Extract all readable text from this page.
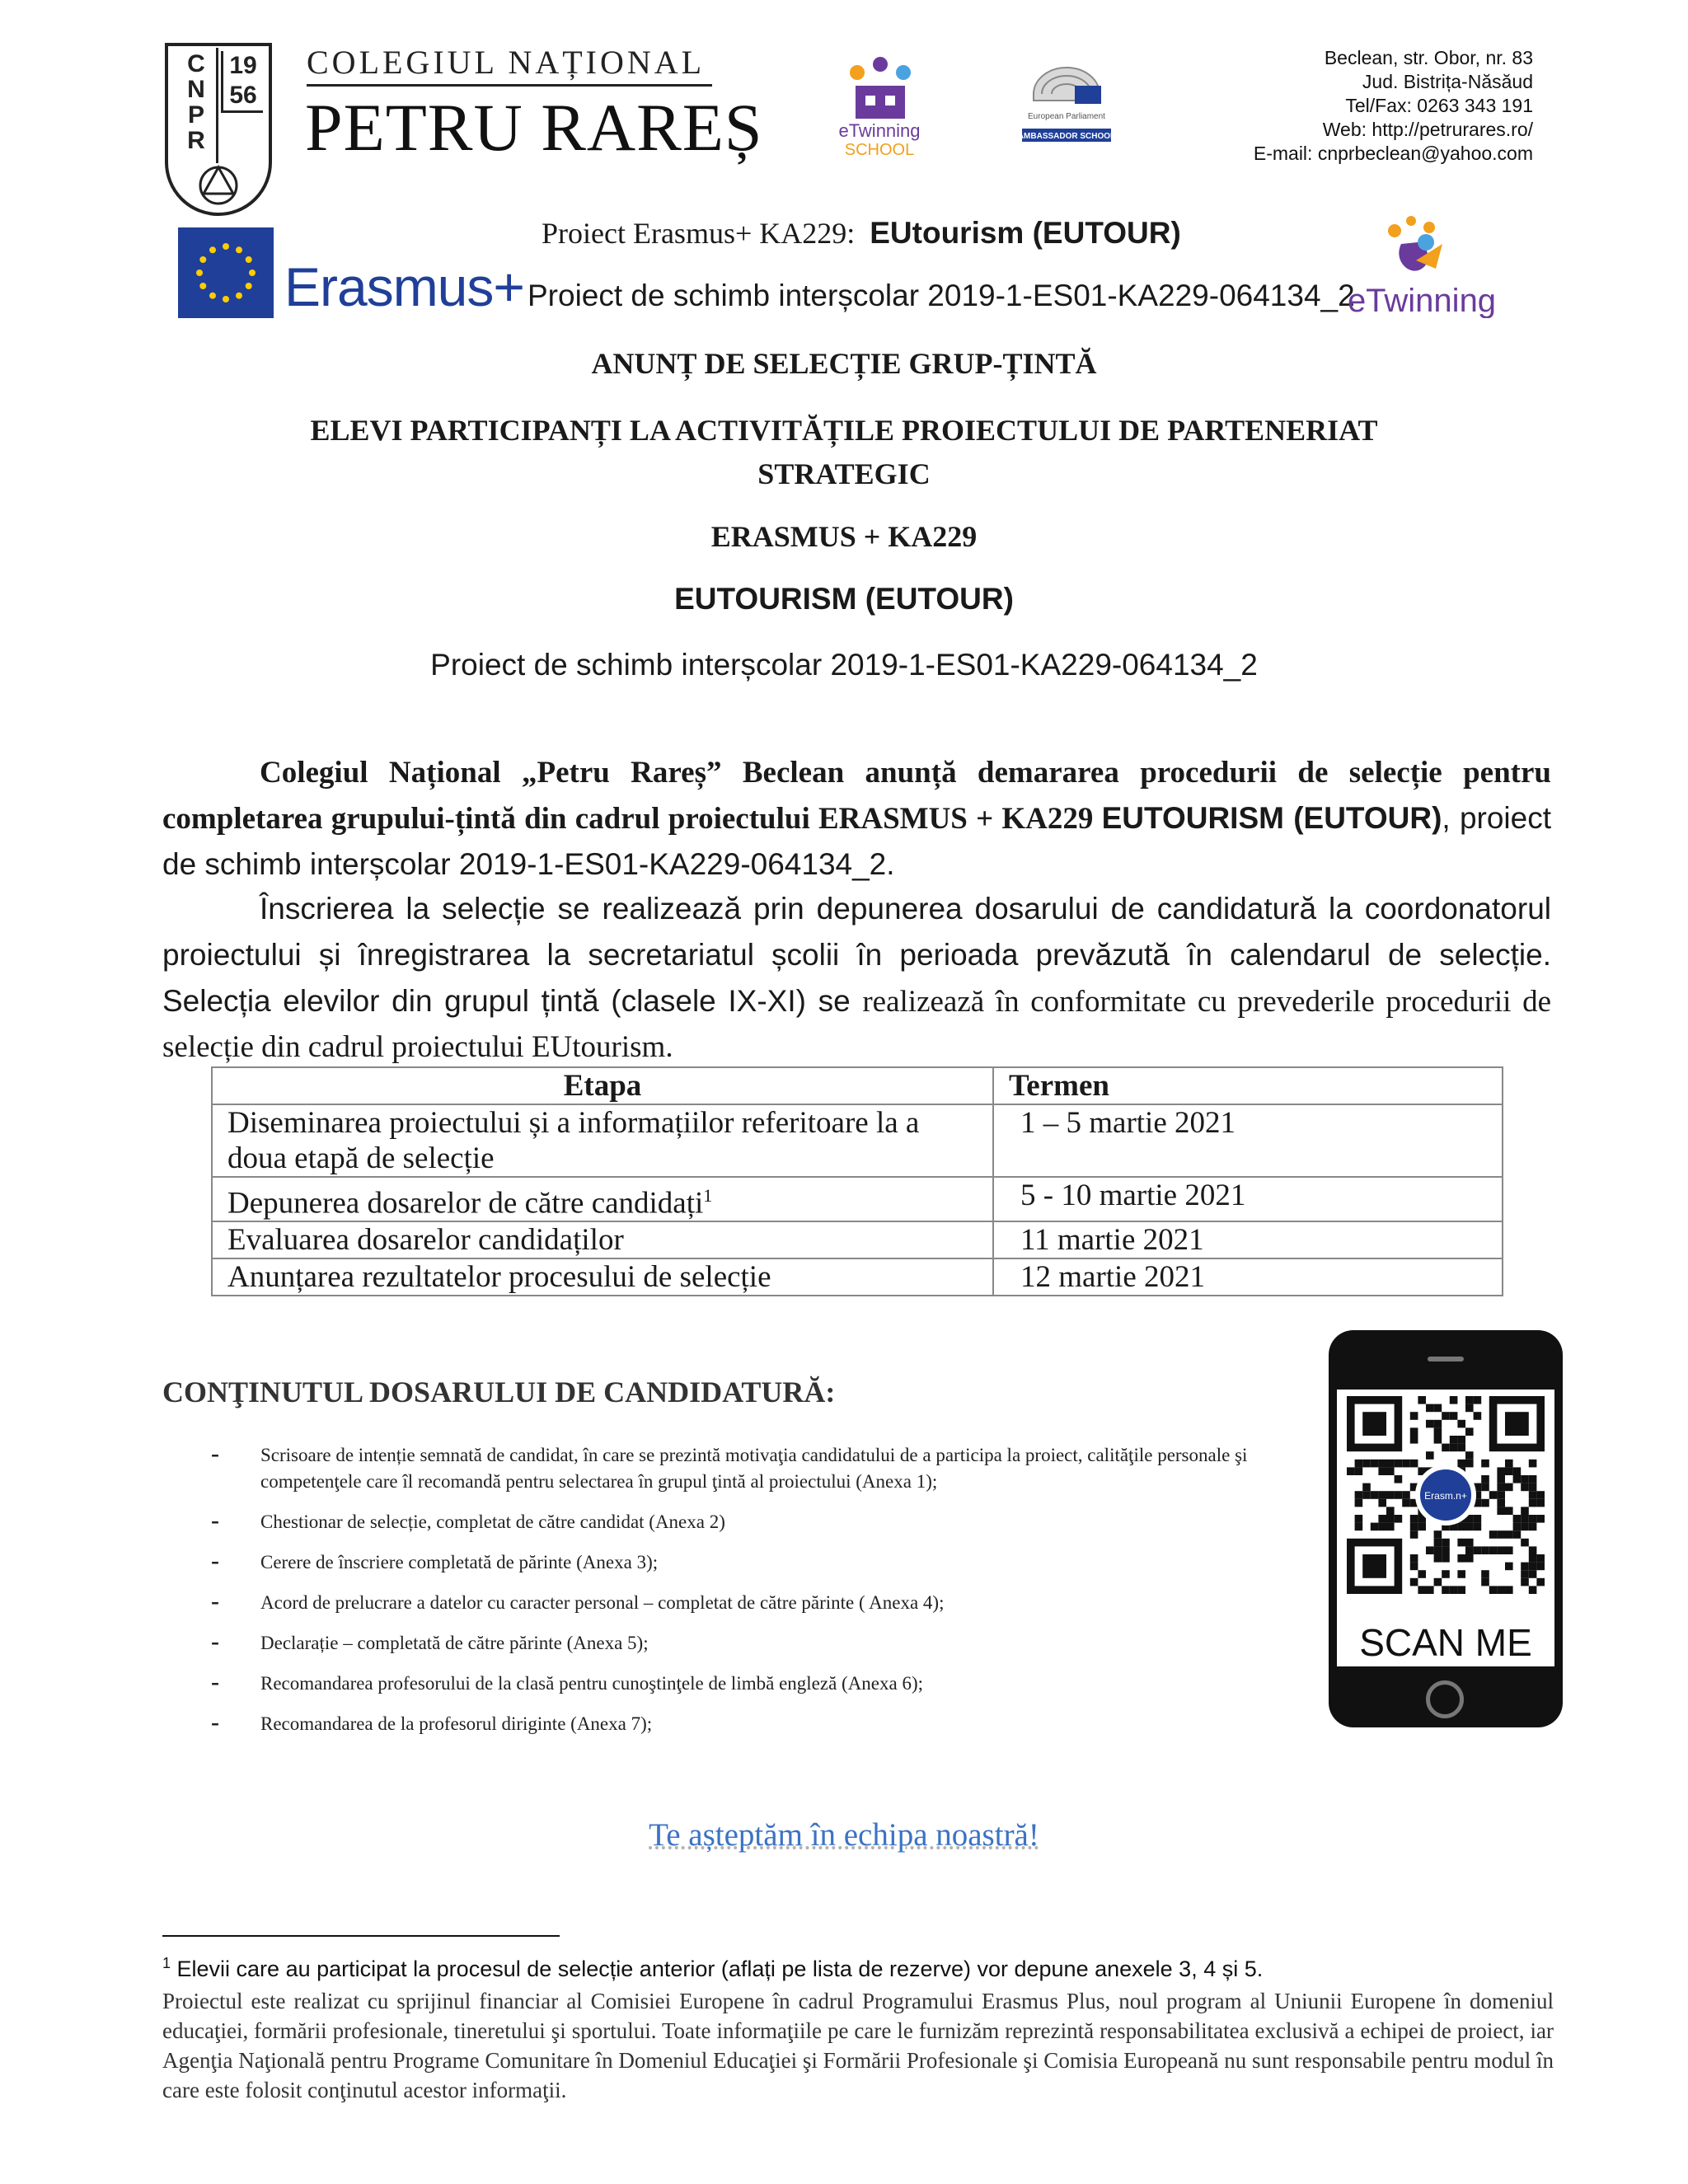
C
N
P
R
19
56
COLEGIUL NAȚIONAL
PETRU RAREȘ	eTwinning
SCHOOL
European Parliament
AMBASSADOR SCHOOL
Beclean, str. Obor, nr. 83
Jud. Bistrița-Năsăud
Tel/Fax: 0263 343 191
Web: http://petrurares.ro/
E-mail: cnprbeclean@yahoo.com
Erasmus+
Proiect Erasmus+ KA229: EUtourism (EUTOUR)
Proiect de schimb interșcolar 2019-1-ES01-KA229-064134_2
eTwinning
ANUNȚ DE SELECȚIE GRUP-ȚINTĂ
ELEVI PARTICIPANȚI LA ACTIVITĂȚILE PROIECTULUI DE PARTENERIAT
STRATEGIC
ERASMUS + KA229
EUTOURISM (EUTOUR)
Proiect de schimb interșcolar 2019-1-ES01-KA229-064134_2
Colegiul Național „Petru Rareș” Beclean anunță demararea procedurii de selecție pentru completarea grupului-țintă din cadrul proiectului ERASMUS + KA229 EUTOURISM (EUTOUR), proiect de schimb interșcolar 2019-1-ES01-KA229-064134_2.
Înscrierea la selecție se realizează prin depunerea dosarului de candidatură la coordonatorul proiectului și înregistrarea la secretariatul școlii în perioada prevăzută în calendarul de selecție. Selecția elevilor din grupul țintă (clasele IX-XI) se realizează în conformitate cu prevederile procedurii de selecție din cadrul proiectului EUtourism.
Etapa	Termen
Diseminarea proiectului și a informațiilor referitoare la a doua etapă de selecție	1 – 5 martie 2021
Depunerea dosarelor de către candidați$^1$	5 - 10 martie 2021
Evaluarea dosarelor candidaților	11 martie 2021
Anunțarea rezultatelor procesului de selecție	12 martie 2021
CONŢINUTUL DOSARULUI DE CANDIDATURĂ:
- Scrisoare de intenție semnată de candidat, în care se prezintă motivaţia candidatului de a participa la proiect, calităţile personale şi competenţele care îl recomandă pentru selectarea în grupul ţintă al proiectului (Anexa 1);
- Chestionar de selecție, completat de către candidat (Anexa 2)
- Cerere de înscriere completată de părinte (Anexa 3);
- Acord de prelucrare a datelor cu caracter personal – completat de către părinte ( Anexa 4);
- Declarație – completată de către părinte (Anexa 5);
- Recomandarea profesorului de la clasă pentru cunoştinţele de limbă engleză (Anexa 6);
- Recomandarea de la profesorul diriginte (Anexa 7);
Erasm.n+
SCAN ME
Te așteptăm în echipa noastră!
$^1$ Elevii care au participat la procesul de selecție anterior (aflați pe lista de rezerve) vor depune anexele 3, 4 și 5.
Proiectul este realizat cu sprijinul financiar al Comisiei Europene în cadrul Programului Erasmus Plus, noul program al Uniunii Europene în domeniul educaţiei, formării profesionale, tineretului şi sportului. Toate informaţiile pe care le furnizăm reprezintă responsabilitatea exclusivă a echipei de proiect, iar Agenţia Naţională pentru Programe Comunitare în Domeniul Educaţiei şi Formării Profesionale şi Comisia Europeană nu sunt responsabile pentru modul în care este folosit conţinutul acestor informaţii.
